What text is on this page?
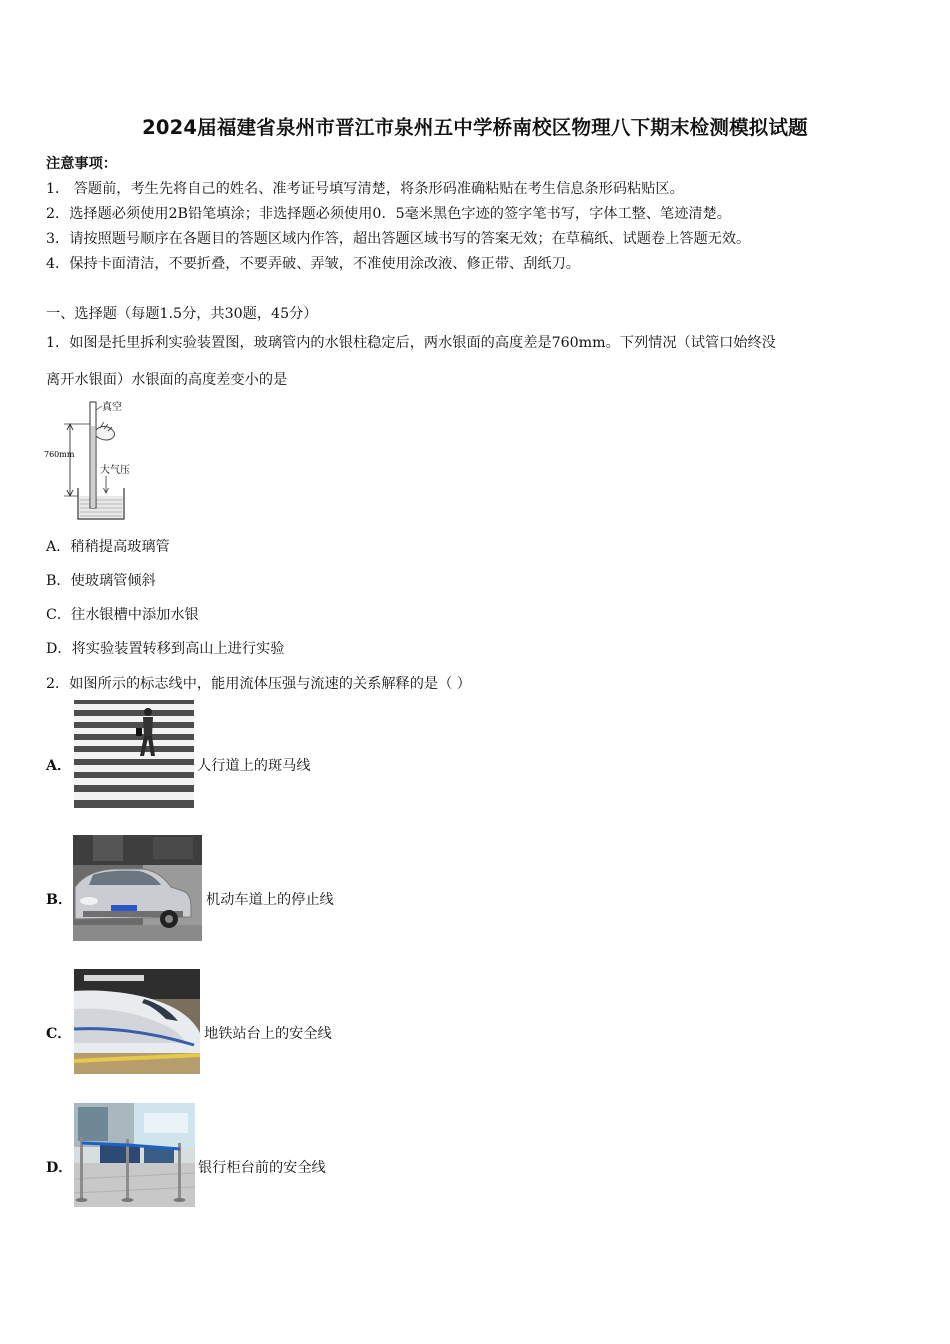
2024届福建省泉州市晋江市泉州五中学桥南校区物理八下期末检测模拟试题
注意事项：
1． 答题前，考生先将自己的姓名、准考证号填写清楚，将条形码准确粘贴在考生信息条形码粘贴区。
2．选择题必须使用2B铅笔填涂；非选择题必须使用0．5毫米黑色字迹的签字笔书写，字体工整、笔迹清楚。
3．请按照题号顺序在各题目的答题区域内作答，超出答题区域书写的答案无效；在草稿纸、试题卷上答题无效。
4．保持卡面清洁，不要折叠，不要弄破、弄皱，不准使用涂改液、修正带、刮纸刀。
一、选择题（每题1.5分，共30题，45分）
1．如图是托里拆利实验装置图，玻璃管内的水银柱稳定后，两水银面的高度差是760mm。下列情况（试管口始终没
离开水银面）水银面的高度差变小的是
真空
760mm
大气压
A．稍稍提高玻璃管
B．使玻璃管倾斜
C．往水银槽中添加水银
D．将实验装置转移到高山上进行实验
2．如图所示的标志线中，能用流体压强与流速的关系解释的是（ ）
A．	人行道上的斑马线
B．	机动车道上的停止线
C．	地铁站台上的安全线
D．	银行柜台前的安全线
